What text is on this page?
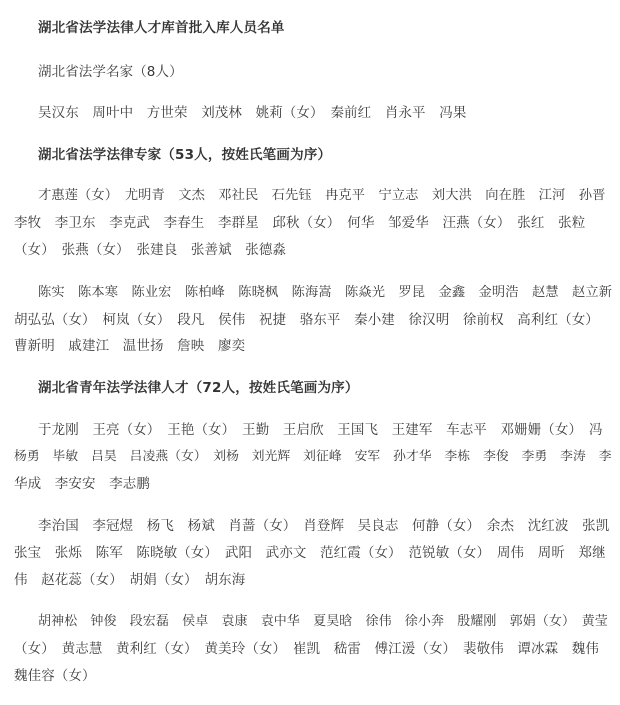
湖北省法学法律人才库首批入库人员名单

湖北省法学名家（8人）

吴汉东　周叶中　方世荣　刘茂林　姚莉（女）　秦前红　肖永平　冯果

湖北省法学法律专家（53人，按姓氏笔画为序）

才惠莲（女）　尤明青　文杰　邓社民　石先钰　冉克平　宁立志　刘大洪　向在胜　江河　孙晋

李牧　李卫东　李克武　李春生　李群星　邱秋（女）　何华　邹爱华　汪燕（女）　张红　张粒

（女）　张燕（女）　张建良　张善斌　张德淼

陈实　陈本寒　陈业宏　陈柏峰　陈晓枫　陈海嵩　陈焱光　罗昆　金鑫　金明浩　赵慧　赵立新

胡弘弘（女）　柯岚（女）　段凡　侯伟　祝捷　骆东平　秦小建　徐汉明　徐前权　高利红（女）

曹新明　戚建江　温世扬　詹映　廖奕

湖北省青年法学法律人才（72人，按姓氏笔画为序）

于龙刚　王亮（女）　王艳（女）　王勤　王启欣　王国飞　王建军　车志平　邓姗姗（女）　冯

杨勇　毕敏　吕昊　吕凌燕（女）　刘杨　刘光辉　刘征峰　安军　孙才华　李栋　李俊　李勇　李涛　李

华成　李安安　李志鹏

李治国　李冠煜　杨飞　杨斌　肖蔷（女）　肖登辉　吴良志　何静（女）　余杰　沈红波　张凯

张宝　张烁　陈军　陈晓敏（女）　武阳　武亦文　范红霞（女）　范锐敏（女）　周伟　周昕　郑继

伟　赵花蕊（女）　胡娟（女）　胡东海

胡神松　钟俊　段宏磊　侯卓　袁康　袁中华　夏昊晗　徐伟　徐小奔　殷耀刚　郭娟（女）　黄莹

（女）　黄志慧　黄利红（女）　黄美玲（女）　崔凯　嵇雷　傅江湲（女）　裴敬伟　谭冰霖　魏伟

魏佳容（女）
